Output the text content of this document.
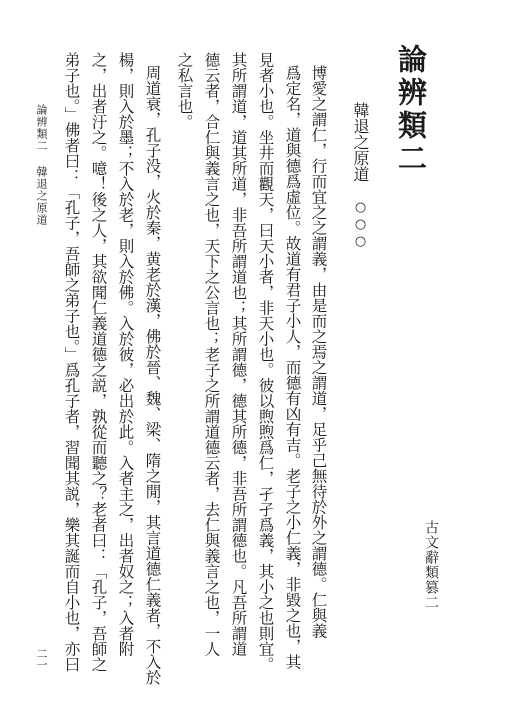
論辨類二
古文辭類篡二
韓退之原道○○○
博愛之謂仁，行而宜之之謂義，由是而之焉之謂道，足乎己無待於外之謂德。仁與義
爲定名，道與德爲虛位。故道有君子小人，而德有凶有吉。老子之小仁義，非毀之也，其
見者小也。坐井而觀天，曰天小者，非天小也。彼以煦煦爲仁，孑孑爲義，其小之也則宜。
其所謂道，道其所道，非吾所謂道也；其所謂德，德其所德，非吾所謂德也。凡吾所謂道
德云者，合仁與義言之也，天下之公言也；老子之所謂道德云者，去仁與義言之也，一人
之私言也。
周道衰，孔子没，火於秦，黄老於漢，佛於晉、魏、梁、隋之閒，其言道德仁義者，不入於
楊，則入於墨；不入於老，則入於佛。入於彼，必出於此。入者主之，出者奴之；入者附
之，出者汙之。噫！後之人，其欲聞仁義道德之説，孰從而聽之？老者曰：「孔子，吾師之
弟子也。」佛者曰：「孔子，吾師之弟子也。」爲孔子者，習聞其説，樂其誕而自小也，亦曰
論辨類二韓退之原道
二一
